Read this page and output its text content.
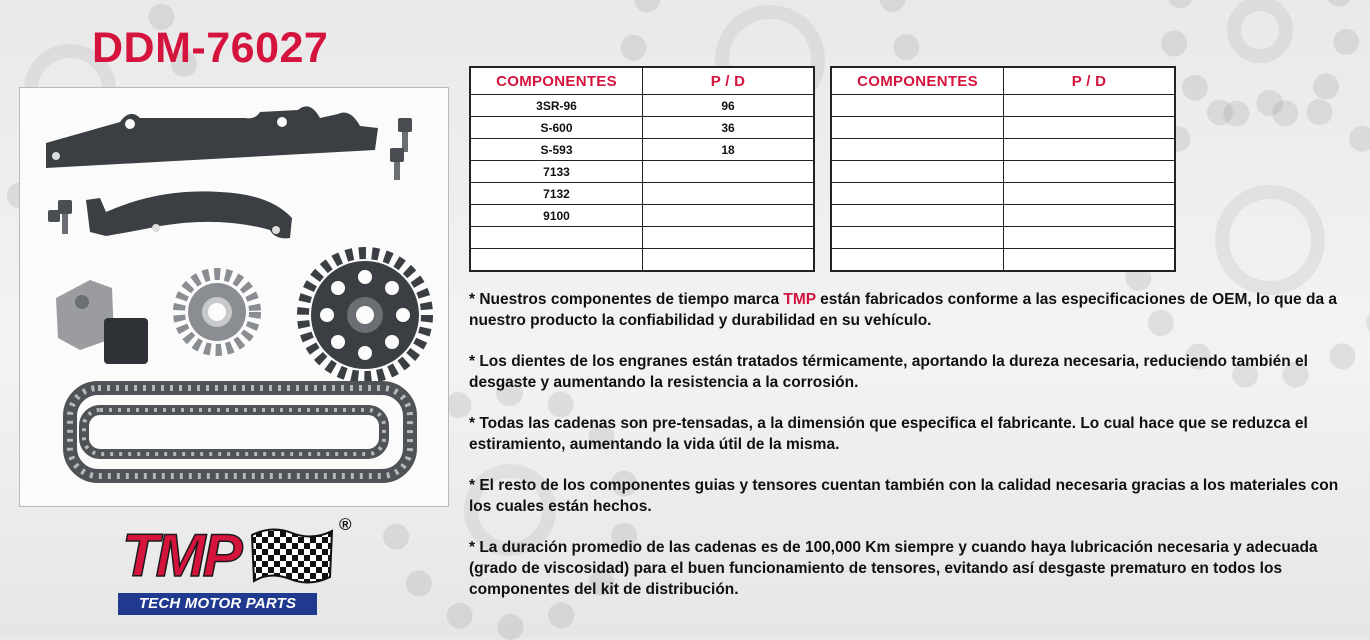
DDM-76027
COMPONENTES	P / D
3SR-96	96
S-600	36
S-593	18
7133	
7132	
9100	

COMPONENTES	P / D

* Nuestros componentes de tiempo marca TMP están fabricados conforme a las especificaciones de OEM, lo que da a nuestro producto la confiabilidad y durabilidad en su vehículo.

* Los dientes de los engranes están tratados térmicamente, aportando la dureza necesaria, reduciendo también el desgaste y aumentando la resistencia a la corrosión.

* Todas las cadenas son pre-tensadas, a la dimensión que especifica el fabricante. Lo cual hace que se reduzca el estiramiento, aumentando la vida útil de la misma.

* El resto de los componentes guias y tensores cuentan también con la calidad necesaria gracias a los materiales con los cuales están hechos.

* La duración promedio de las cadenas es de 100,000 Km siempre y cuando haya lubricación necesaria y adecuada (grado de viscosidad) para el buen funcionamiento de tensores, evitando así desgaste prematuro en todos los componentes del kit de distribución.

TMP	®
TECH MOTOR PARTS
